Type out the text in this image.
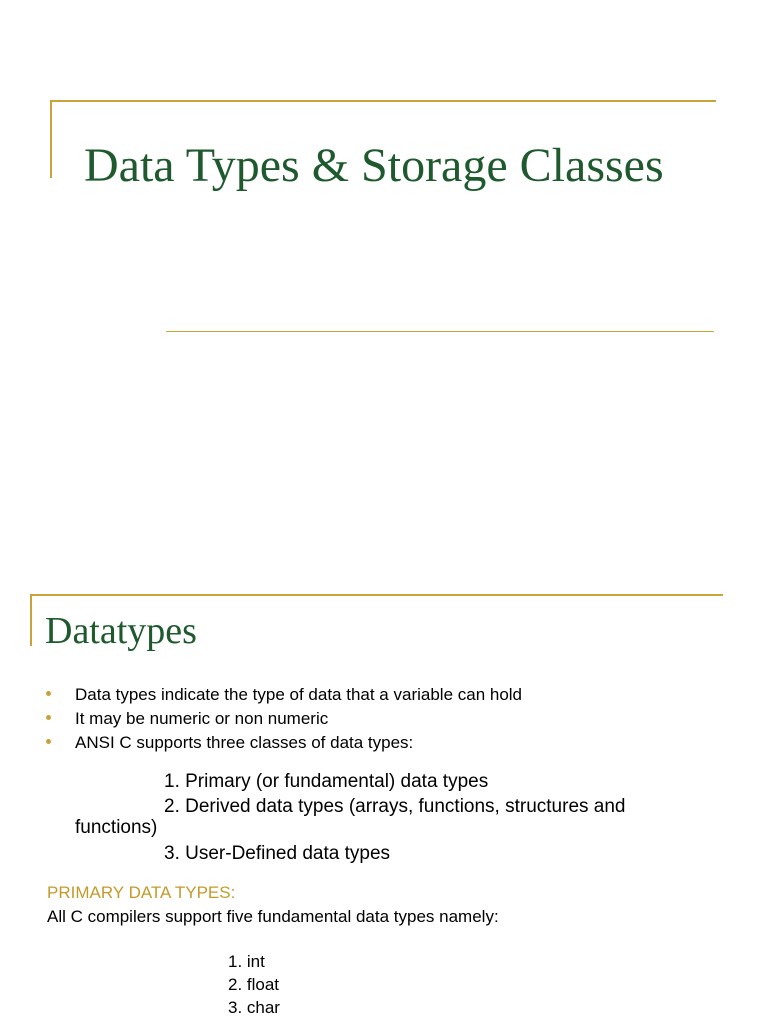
Data Types & Storage Classes
Datatypes
Data types indicate the type of data that a variable can hold
It may be numeric or non numeric
ANSI C supports three classes of data types:
1. Primary (or fundamental) data types
2. Derived data types (arrays, functions, structures and
functions)
3. User-Defined data types
PRIMARY DATA TYPES:
All C compilers support five fundamental data types namely:
1. int
2. float
3. char
